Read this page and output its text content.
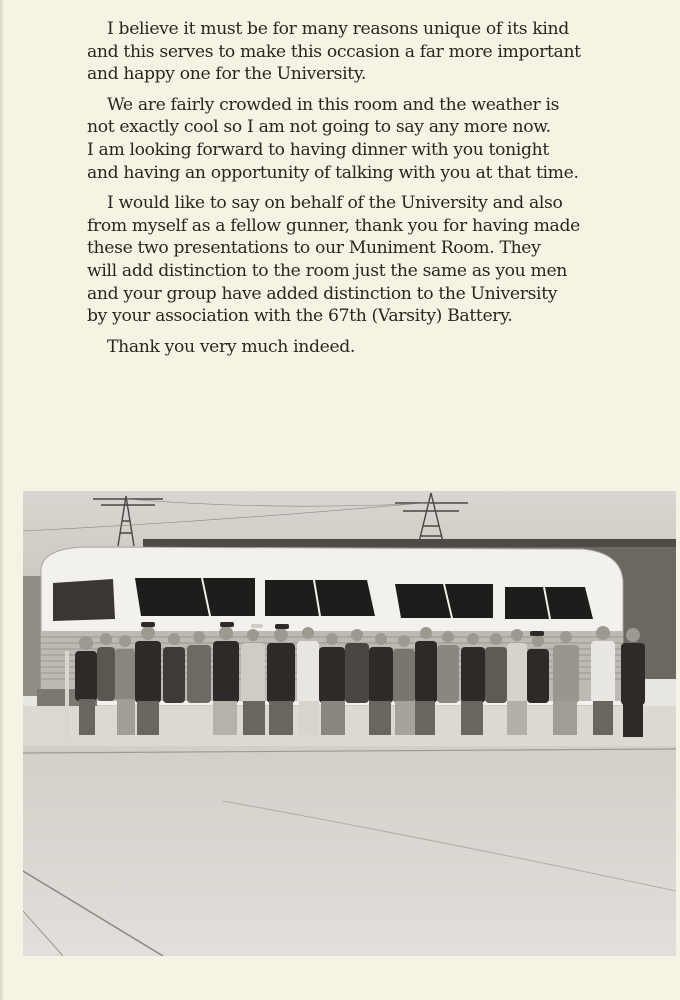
I believe it must be for many reasons unique of its kind
and this serves to make this occasion a far more important
and happy one for the University.

We are fairly crowded in this room and the weather is
not exactly cool so I am not going to say any more now.
I am looking forward to having dinner with you tonight
and having an opportunity of talking with you at that time.

I would like to say on behalf of the University and also
from myself as a fellow gunner, thank you for having made
these two presentations to our Muniment Room. They
will add distinction to the room just the same as you men
and your group have added distinction to the University
by your association with the 67th (Varsity) Battery.

Thank you very much indeed.
